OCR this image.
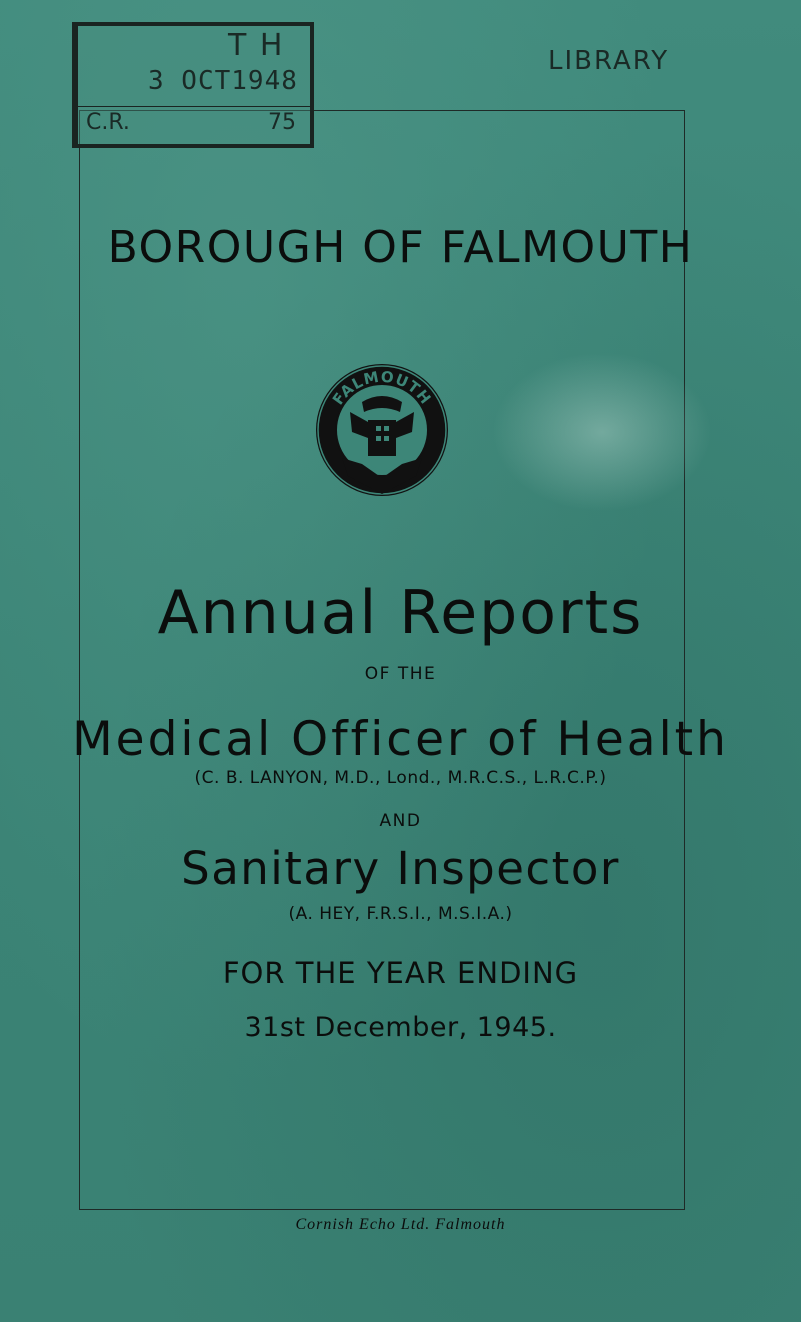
T H
3 OCT1948
C.R.	75
LIBRARY
BOROUGH OF FALMOUTH
FALMOUTH
Annual Reports
OF THE
Medical Officer of Health
(C. B. LANYON, M.D., Lond., M.R.C.S., L.R.C.P.)
AND
Sanitary Inspector
(A. HEY, F.R.S.I., M.S.I.A.)
FOR THE YEAR ENDING
31st December, 1945.
Cornish Echo Ltd. Falmouth
